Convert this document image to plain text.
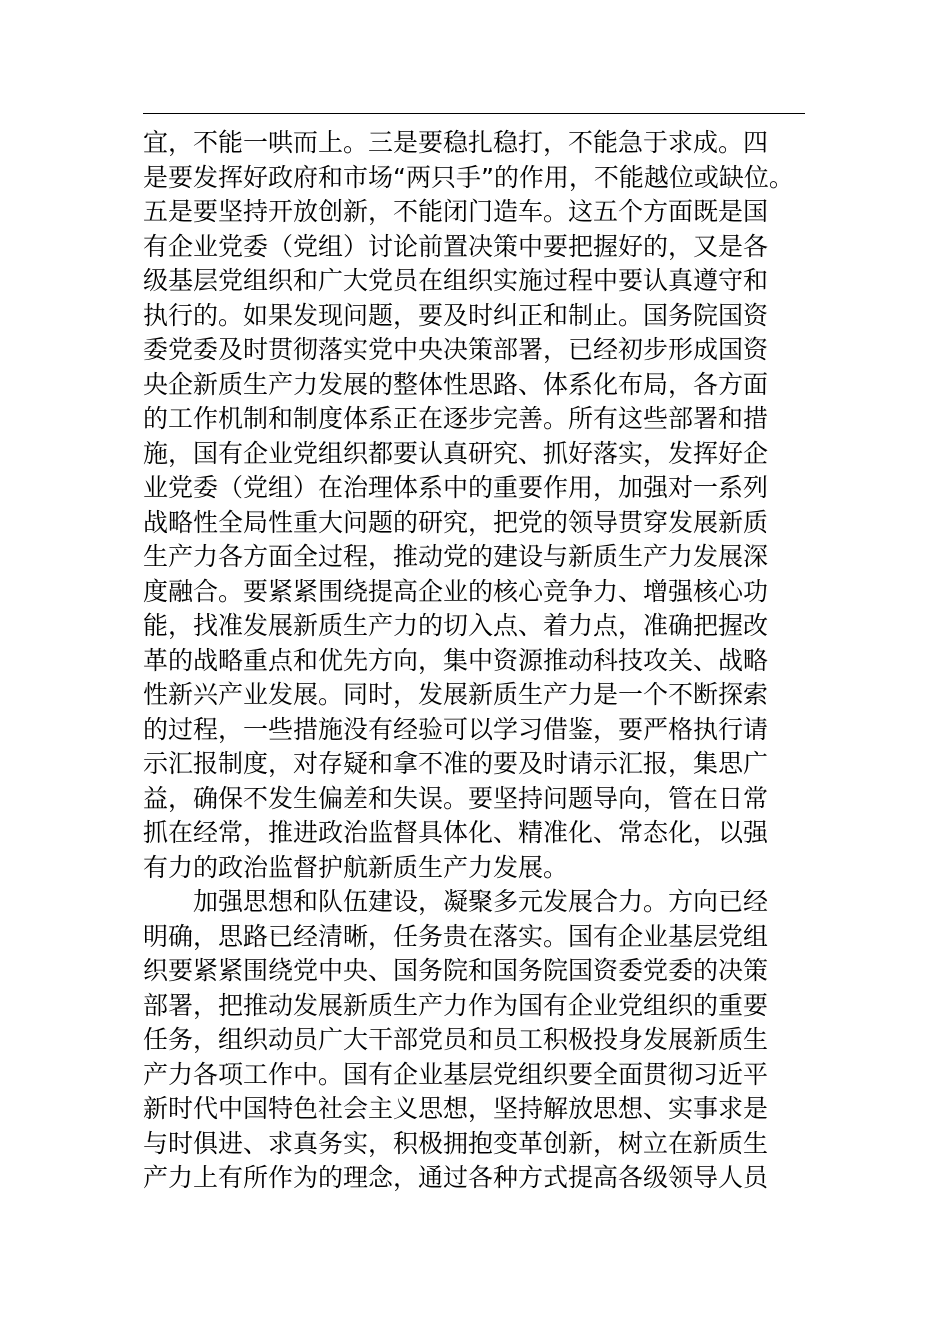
宜，不能一哄而上。三是要稳扎稳打，不能急于求成。四
是要发挥好政府和市场“两只手”的作用，不能越位或缺位。
五是要坚持开放创新，不能闭门造车。这五个方面既是国
有企业党委（党组）讨论前置决策中要把握好的，又是各
级基层党组织和广大党员在组织实施过程中要认真遵守和
执行的。如果发现问题，要及时纠正和制止。国务院国资
委党委及时贯彻落实党中央决策部署，已经初步形成国资
央企新质生产力发展的整体性思路、体系化布局，各方面
的工作机制和制度体系正在逐步完善。所有这些部署和措
施，国有企业党组织都要认真研究、抓好落实，发挥好企
业党委（党组）在治理体系中的重要作用，加强对一系列
战略性全局性重大问题的研究，把党的领导贯穿发展新质
生产力各方面全过程，推动党的建设与新质生产力发展深
度融合。要紧紧围绕提高企业的核心竞争力、增强核心功
能，找准发展新质生产力的切入点、着力点，准确把握改
革的战略重点和优先方向，集中资源推动科技攻关、战略
性新兴产业发展。同时，发展新质生产力是一个不断探索
的过程，一些措施没有经验可以学习借鉴，要严格执行请
示汇报制度，对存疑和拿不准的要及时请示汇报，集思广
益，确保不发生偏差和失误。要坚持问题导向，管在日常
抓在经常，推进政治监督具体化、精准化、常态化，以强
有力的政治监督护航新质生产力发展。
加强思想和队伍建设，凝聚多元发展合力。方向已经
明确，思路已经清晰，任务贵在落实。国有企业基层党组
织要紧紧围绕党中央、国务院和国务院国资委党委的决策
部署，把推动发展新质生产力作为国有企业党组织的重要
任务，组织动员广大干部党员和员工积极投身发展新质生
产力各项工作中。国有企业基层党组织要全面贯彻习近平
新时代中国特色社会主义思想，坚持解放思想、实事求是
与时俱进、求真务实，积极拥抱变革创新，树立在新质生
产力上有所作为的理念，通过各种方式提高各级领导人员
